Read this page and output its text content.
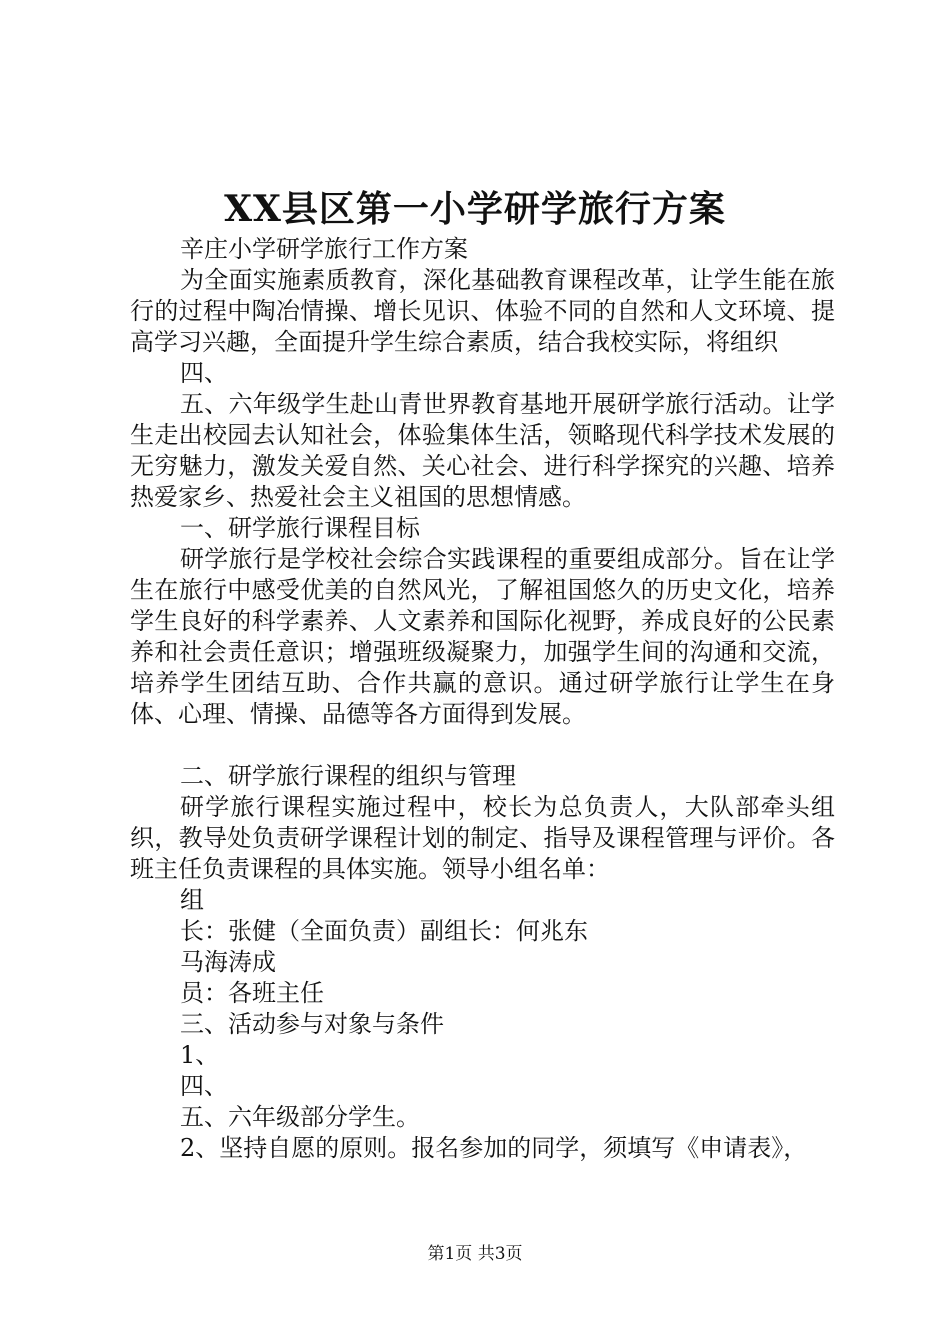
XX县区第一小学研学旅行方案

辛庄小学研学旅行工作方案

为全面实施素质教育，深化基础教育课程改革，让学生能在旅行的过程中陶冶情操、增长见识、体验不同的自然和人文环境、提高学习兴趣，全面提升学生综合素质，结合我校实际，将组织

四、

五、六年级学生赴山青世界教育基地开展研学旅行活动。让学生走出校园去认知社会，体验集体生活，领略现代科学技术发展的无穷魅力，激发关爱自然、关心社会、进行科学探究的兴趣、培养热爱家乡、热爱社会主义祖国的思想情感。

一、研学旅行课程目标

研学旅行是学校社会综合实践课程的重要组成部分。旨在让学生在旅行中感受优美的自然风光，了解祖国悠久的历史文化，培养学生良好的科学素养、人文素养和国际化视野，养成良好的公民素养和社会责任意识；增强班级凝聚力，加强学生间的沟通和交流，培养学生团结互助、合作共赢的意识。通过研学旅行让学生在身体、心理、情操、品德等各方面得到发展。

二、研学旅行课程的组织与管理

研学旅行课程实施过程中，校长为总负责人，大队部牵头组织，教导处负责研学课程计划的制定、指导及课程管理与评价。各班主任负责课程的具体实施。领导小组名单：

组

长：张健（全面负责）副组长：何兆东

马海涛成

员：各班主任

三、活动参与对象与条件

1、

四、

五、六年级部分学生。

2、坚持自愿的原则。报名参加的同学，须填写《申请表》，

第1页 共3页
